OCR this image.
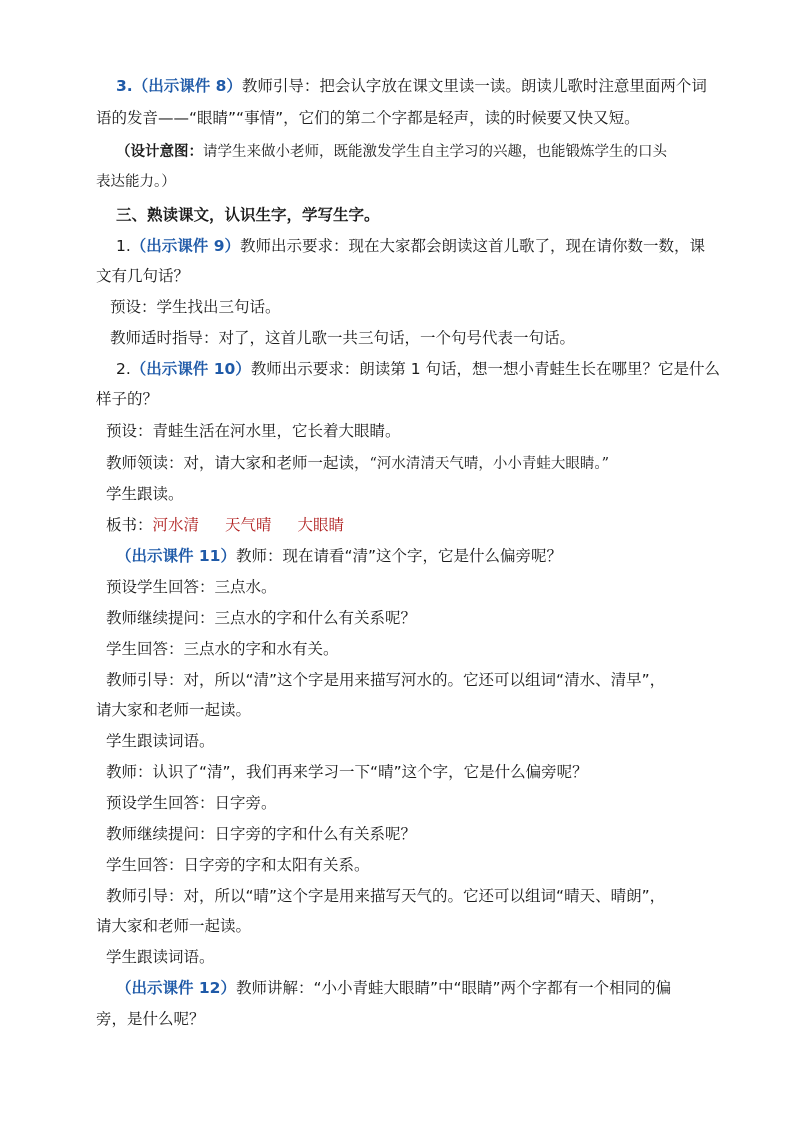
3.（出示课件 8）教师引导：把会认字放在课文里读一读。朗读儿歌时注意里面两个词
语的发音——“眼睛”“事情”，它们的第二个字都是轻声，读的时候要又快又短。
（设计意图：请学生来做小老师，既能激发学生自主学习的兴趣，也能锻炼学生的口头
表达能力。）
三、熟读课文，认识生字，学写生字。
1.（出示课件 9）教师出示要求：现在大家都会朗读这首儿歌了，现在请你数一数，课
文有几句话？
预设：学生找出三句话。
教师适时指导：对了，这首儿歌一共三句话，一个句号代表一句话。
2.（出示课件 10）教师出示要求：朗读第 1 句话，想一想小青蛙生长在哪里？它是什么
样子的？
预设：青蛙生活在河水里，它长着大眼睛。
教师领读：对，请大家和老师一起读，“河水清清天气晴，小小青蛙大眼睛。”
学生跟读。
板书：河水清 天气晴 大眼睛
（出示课件 11）教师：现在请看“清”这个字，它是什么偏旁呢？
预设学生回答：三点水。
教师继续提问：三点水的字和什么有关系呢？
学生回答：三点水的字和水有关。
教师引导：对，所以“清”这个字是用来描写河水的。它还可以组词“清水、清早”，
请大家和老师一起读。
学生跟读词语。
教师：认识了“清”，我们再来学习一下“晴”这个字，它是什么偏旁呢？
预设学生回答：日字旁。
教师继续提问：日字旁的字和什么有关系呢？
学生回答：日字旁的字和太阳有关系。
教师引导：对，所以“晴”这个字是用来描写天气的。它还可以组词“晴天、晴朗”，
请大家和老师一起读。
学生跟读词语。
（出示课件 12）教师讲解：“小小青蛙大眼睛”中“眼睛”两个字都有一个相同的偏
旁，是什么呢？
